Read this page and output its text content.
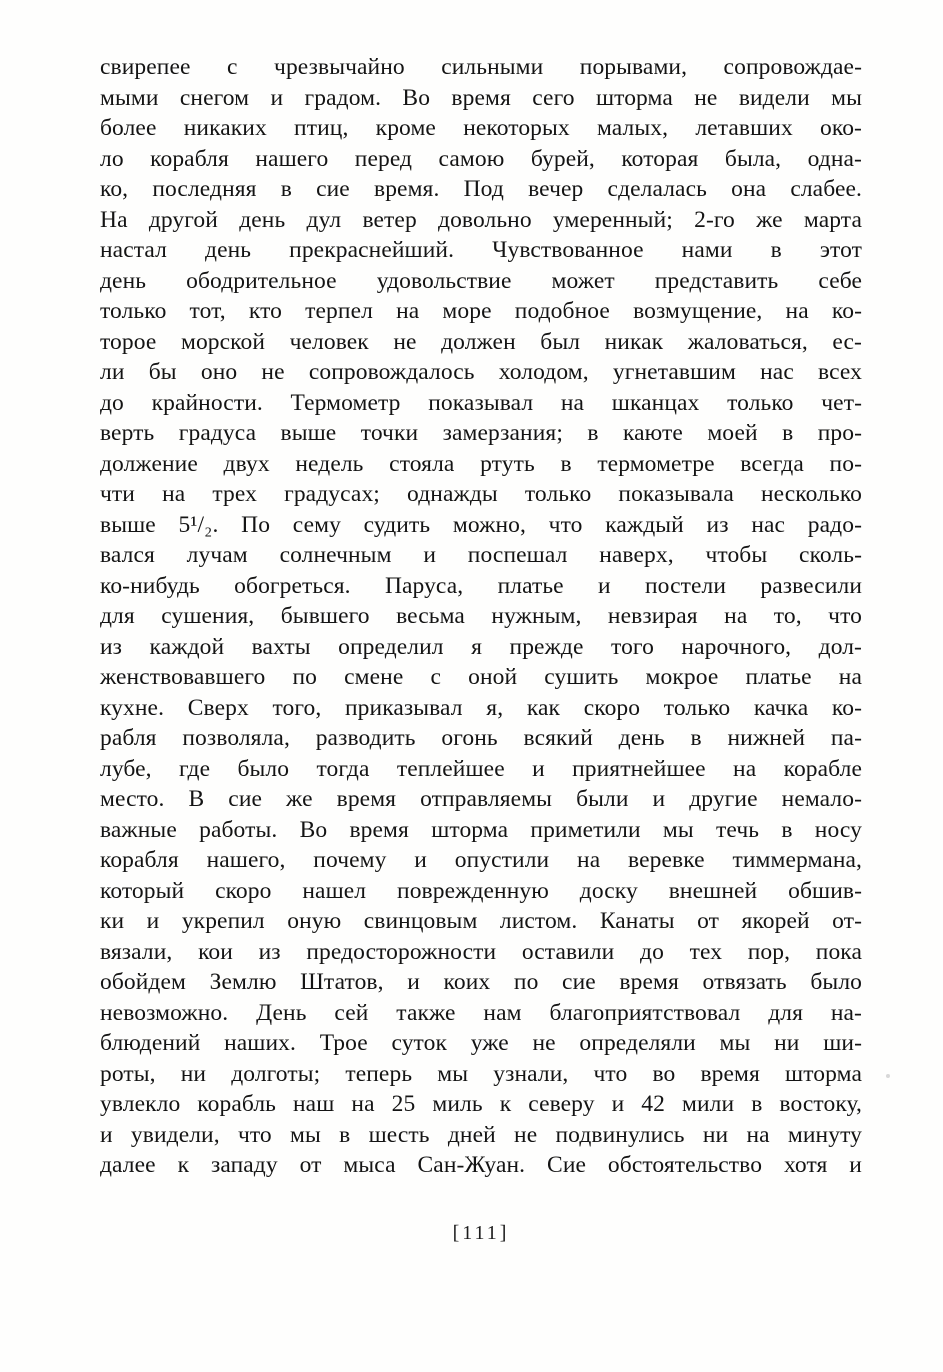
свирепее с чрезвычайно сильными порывами, сопровождае-
мыми снегом и градом. Во время сего шторма не видели мы
более никаких птиц, кроме некоторых малых, летавших око-
ло корабля нашего перед самою бурей, которая была, одна-
ко, последняя в сие время. Под вечер сделалась она слабее.
На другой день дул ветер довольно умеренный; 2-го же марта
настал день прекраснейший. Чувствованное нами в этот
день ободрительное удовольствие может представить себе
только тот, кто терпел на море подобное возмущение, на ко-
торое морской человек не должен был никак жаловаться, ес-
ли бы оно не сопровождалось холодом, угнетавшим нас всех
до крайности. Термометр показывал на шканцах только чет-
верть градуса выше точки замерзания; в каюте моей в про-
должение двух недель стояла ртуть в термометре всегда по-
чти на трех градусах; однажды только показывала несколько
выше 5¹/₂. По сему судить можно, что каждый из нас радо-
вался лучам солнечным и поспешал наверх, чтобы сколь-
ко-нибудь обогреться. Паруса, платье и постели развесили
для сушения, бывшего весьма нужным, невзирая на то, что
из каждой вахты определил я прежде того нарочного, дол-
женствовавшего по смене с оной сушить мокрое платье на
кухне. Сверх того, приказывал я, как скоро только качка ко-
рабля позволяла, разводить огонь всякий день в нижней па-
лубе, где было тогда теплейшее и приятнейшее на корабле
место. В сие же время отправляемы были и другие немало-
важные работы. Во время шторма приметили мы течь в носу
корабля нашего, почему и опустили на веревке тиммермана,
который скоро нашел поврежденную доску внешней обшив-
ки и укрепил оную свинцовым листом. Канаты от якорей от-
вязали, кои из предосторожности оставили до тех пор, пока
обойдем Землю Штатов, и коих по сие время отвязать было
невозможно. День сей также нам благоприятствовал для на-
блюдений наших. Трое суток уже не определяли мы ни ши-
роты, ни долготы; теперь мы узнали, что во время шторма
увлекло корабль наш на 25 миль к северу и 42 мили в востоку,
и увидели, что мы в шесть дней не подвинулись ни на минуту
далее к западу от мыса Сан-Жуан. Сие обстоятельство хотя и
[111]
